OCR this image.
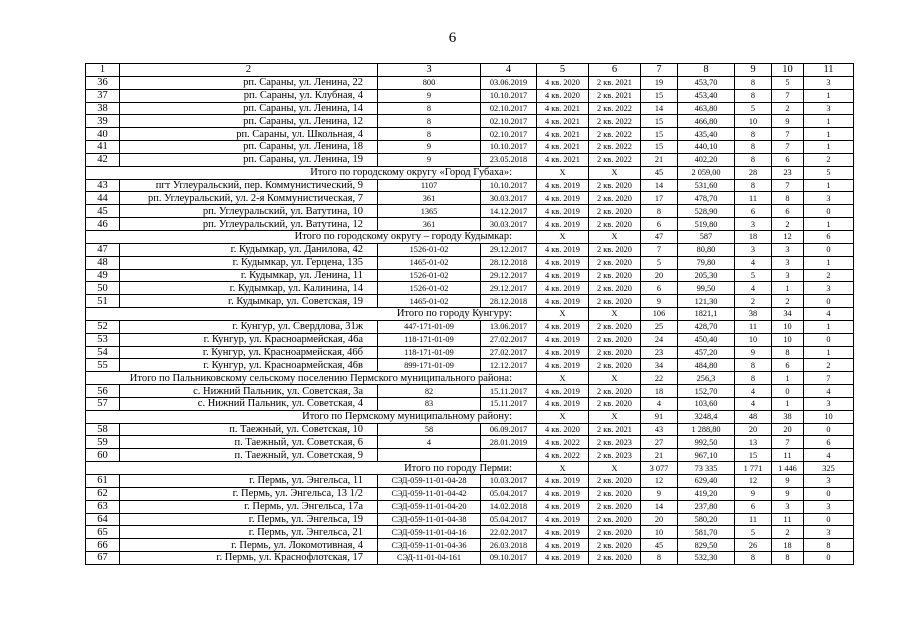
6
1	2	3	4	5	6	7	8	9	10	11
36	рп. Сараны, ул. Ленина, 22	800	03.06.2019	4 кв. 2020	2 кв. 2021	19	453,70	8	5	3
37	рп. Сараны, ул. Клубная, 4	9	10.10.2017	4 кв. 2020	2 кв. 2021	15	453,40	8	7	1
38	рп. Сараны, ул. Ленина, 14	8	02.10.2017	4 кв. 2021	2 кв. 2022	14	463,80	5	2	3
39	рп. Сараны, ул. Ленина, 12	8	02.10.2017	4 кв. 2021	2 кв. 2022	15	466,80	10	9	1
40	рп. Сараны, ул. Школьная, 4	8	02.10.2017	4 кв. 2021	2 кв. 2022	15	435,40	8	7	1
41	рп. Сараны, ул. Ленина, 18	9	10.10.2017	4 кв. 2021	2 кв. 2022	15	440,10	8	7	1
42	рп. Сараны, ул. Ленина, 19	9	23.05.2018	4 кв. 2021	2 кв. 2022	21	402,20	8	6	2
Итого по городскому округу «Город Губаха»:				Х	Х	45	2 059,00	28	23	5
43	пгт Углеуральский, пер. Коммунистический, 9	1107	10.10.2017	4 кв. 2019	2 кв. 2020	14	531,60	8	7	1
44	рп. Углеуральский, ул. 2-я Коммунистическая, 7	361	30.03.2017	4 кв. 2019	2 кв. 2020	17	478,70	11	8	3
45	рп. Углеуральский, ул. Ватутина, 10	1365	14.12.2017	4 кв. 2019	2 кв. 2020	8	528,90	6	6	0
46	рп. Углеуральский, ул. Ватутина, 12	361	30.03.2017	4 кв. 2019	2 кв. 2020	6	519,80	3	2	1
Итого по городскому округу – городу Кудымкар:				Х	Х	47	587	18	12	6
47	г. Кудымкар, ул. Данилова, 42	1526-01-02	29.12.2017	4 кв. 2019	2 кв. 2020	7	80,80	3	3	0
48	г. Кудымкар, ул. Герцена, 135	1465-01-02	28.12.2018	4 кв. 2019	2 кв. 2020	5	79,80	4	3	1
49	г. Кудымкар, ул. Ленина, 11	1526-01-02	29.12.2017	4 кв. 2019	2 кв. 2020	20	205,30	5	3	2
50	г. Кудымкар, ул. Калинина, 14	1526-01-02	29.12.2017	4 кв. 2019	2 кв. 2020	6	99,50	4	1	3
51	г. Кудымкар, ул. Советская, 19	1465-01-02	28.12.2018	4 кв. 2019	2 кв. 2020	9	121,30	2	2	0
Итого по городу Кунгуру:				Х	Х	106	1821,1	38	34	4
52	г. Кунгур, ул. Свердлова, 31ж	447-171-01-09	13.06.2017	4 кв. 2019	2 кв. 2020	25	428,70	11	10	1
53	г. Кунгур, ул. Красноармейская, 46а	118-171-01-09	27.02.2017	4 кв. 2019	2 кв. 2020	24	450,40	10	10	0
54	г. Кунгур, ул. Красноармейская, 46б	118-171-01-09	27.02.2017	4 кв. 2019	2 кв. 2020	23	457,20	9	8	1
55	г. Кунгур, ул. Красноармейская, 46в	899-171-01-09	12.12.2017	4 кв. 2019	2 кв. 2020	34	484,80	8	6	2
Итого по Пальниковскому сельскому поселению Пермского муниципального района:				Х	Х	22	256,3	8	1	7
56	с. Нижний Пальник, ул. Советская, 3а	82	15.11.2017	4 кв. 2019	2 кв. 2020	18	152,70	4	0	4
57	с. Нижний Пальник, ул. Советская, 4	83	15.11.2017	4 кв. 2019	2 кв. 2020	4	103,60	4	1	3
Итого по Пермскому муниципальному району:				Х	Х	91	3248,4	48	38	10
58	п. Таежный, ул. Советская, 10	58	06.09.2017	4 кв. 2020	2 кв. 2021	43	1 288,80	20	20	0
59	п. Таежный, ул. Советская, 6	4	28.01.2019	4 кв. 2022	2 кв. 2023	27	992,50	13	7	6
60	п. Таежный, ул. Советская, 9			4 кв. 2022	2 кв. 2023	21	967,10	15	11	4
Итого по городу Перми:				Х	Х	3 077	73 335	1 771	1 446	325
61	г. Пермь, ул. Энгельса, 11	СЭД-059-11-01-04-28	10.03.2017	4 кв. 2019	2 кв. 2020	12	629,40	12	9	3
62	г. Пермь, ул. Энгельса, 13 1/2	СЭД-059-11-01-04-42	05.04.2017	4 кв. 2019	2 кв. 2020	9	419,20	9	9	0
63	г. Пермь, ул. Энгельса, 17а	СЭД-059-11-01-04-20	14.02.2018	4 кв. 2019	2 кв. 2020	14	237,80	6	3	3
64	г. Пермь, ул. Энгельса, 19	СЭД-059-11-01-04-38	05.04.2017	4 кв. 2019	2 кв. 2020	20	580,20	11	11	0
65	г. Пермь, ул. Энгельса, 21	СЭД-059-11-01-04-16	22.02.2017	4 кв. 2019	2 кв. 2020	10	581,70	5	2	3
66	г. Пермь, ул. Локомотивная, 4	СЭД-059-11-01-04-36	26.03.2018	4 кв. 2019	2 кв. 2020	45	829,50	26	18	8
67	г. Пермь, ул. Краснофлотская, 17	СЭД-11-01-04-161	09.10.2017	4 кв. 2019	2 кв. 2020	8	532,30	8	8	0
